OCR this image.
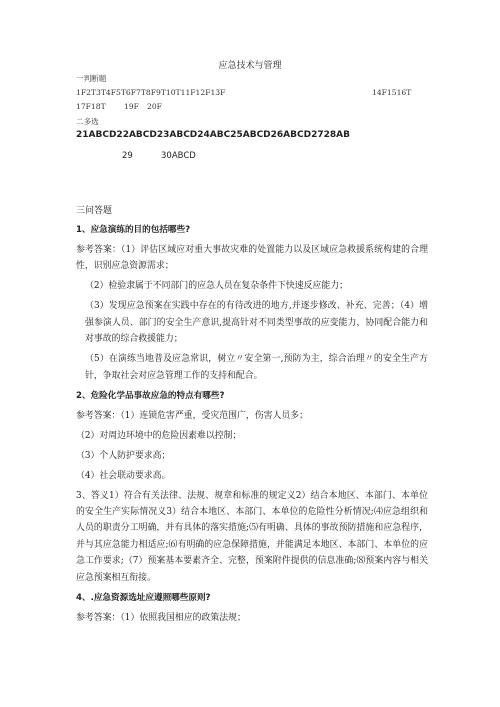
应急技术与管理
一判断题
1F2T3T4F5T6F7T8F9T10T11F12F13F	14F1516T
17F18T 19F 20F
二多选
21ABCD22ABCD23ABCD24ABC25ABCD26ABCD2728AB
29	30ABCD
三问答题

1、应急演练的目的包括哪些?

参考答案：（1）评估区域应对重大事故灾难的处置能力以及区域应急救援系统构建的合理性，识别应急资源需求；

（2）检验隶属于不同部门的应急人员在复杂条件下快速反应能力；

（3）发现应急预案在实践中存在的有待改进的地方,并逐步修改、补充、完善；（4）增强参演人员、部门的安全生产意识,提高针对不同类型事故的应变能力，协同配合能力和对事故的综合救援能力；

（5）在演练当地普及应急常识，树立〃安全第一,预防为主，综合治理〃的安全生产方针，争取社会对应急管理工作的支持和配合。

2、危险化学品事故应急的特点有哪些?

参考答案：（1）连锁危害严重，受灾范围广，伤害人员多；

（2）对周边环境中的危险因素难以控制；

（3）个人防护要求高；

（4）社会联动要求高。

3、答义1）符合有关法律、法规、规章和标准的规定义2）结合本地区、本部门、本单位的安全生产实际情况义3）结合本地区、本部门、本单位的危险性分析情况;⑷应急组织和人员的职责分工明确，并有具体的落实措施;⑸有明确、具体的事故预防措施和应急程序，并与其应急能力相适应;⑹有明确的应急保障措施，并能满足本地区、本部门、本单位的应急工作要求;（7）预案基本要素齐全、完整，预案附件提供的信息准确;⑻预案内容与相关应急预案相互衔接。

4、.应急资源选址应遵照哪些原则?

参考答案：（1）依照我国相应的政策法规；
